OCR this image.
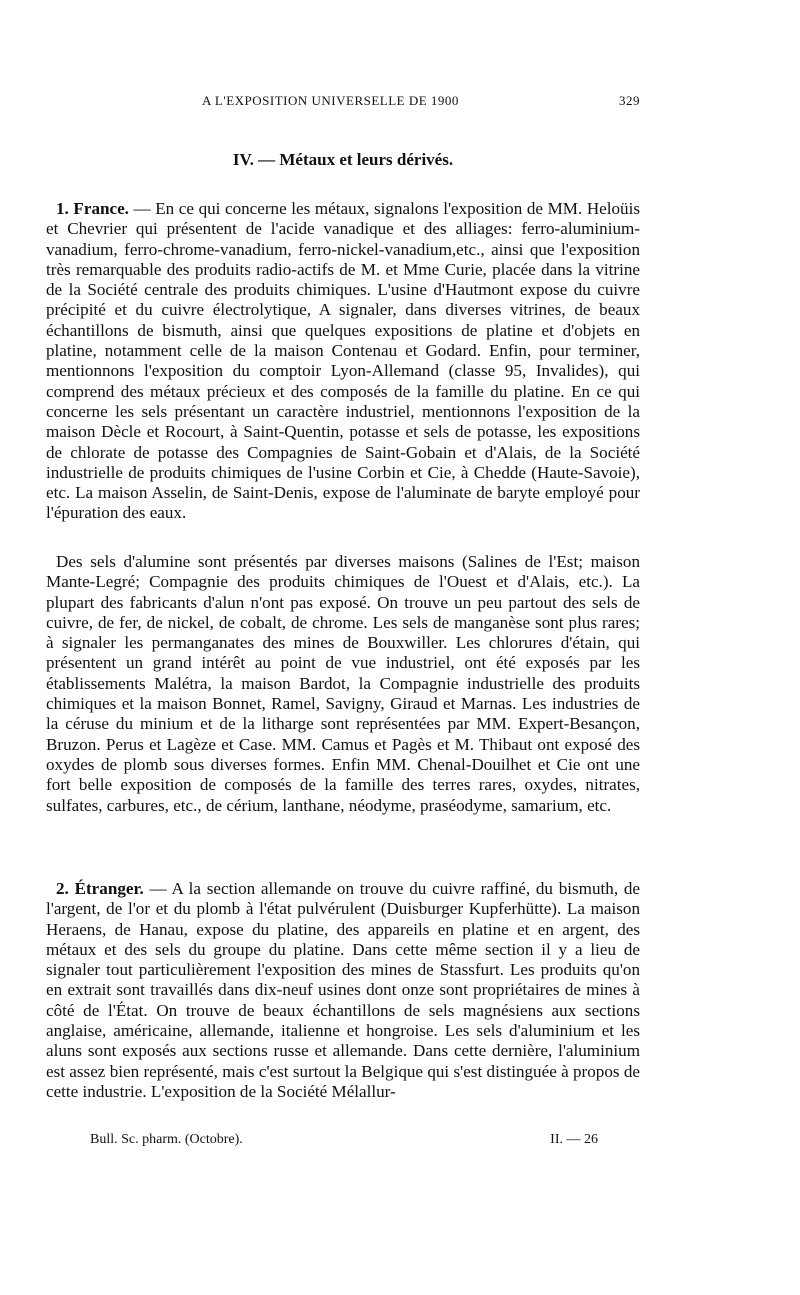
A L'EXPOSITION UNIVERSELLE DE 1900	329
IV. — Métaux et leurs dérivés.

1. France. — En ce qui concerne les métaux, signalons l'exposition de MM. Heloüis et Chevrier qui présentent de l'acide vanadique et des alliages: ferro-aluminium-vanadium, ferro-chrome-vanadium, ferro-nickel-vanadium,etc., ainsi que l'exposition très remarquable des produits radio-actifs de M. et Mme Curie, placée dans la vitrine de la Société centrale des produits chimiques. L'usine d'Hautmont expose du cuivre précipité et du cuivre électrolytique, A signaler, dans diverses vitrines, de beaux échantillons de bismuth, ainsi que quelques expositions de platine et d'objets en platine, notamment celle de la maison Contenau et Godard. Enfin, pour terminer, mentionnons l'exposition du comptoir Lyon-Allemand (classe 95, Invalides), qui comprend des métaux précieux et des composés de la famille du platine. En ce qui concerne les sels présentant un caractère industriel, mentionnons l'exposition de la maison Dècle et Rocourt, à Saint-Quentin, potasse et sels de potasse, les expositions de chlorate de potasse des Compagnies de Saint-Gobain et d'Alais, de la Société industrielle de produits chimiques de l'usine Corbin et Cie, à Chedde (Haute-Savoie), etc. La maison Asselin, de Saint-Denis, expose de l'aluminate de baryte employé pour l'épuration des eaux.

Des sels d'alumine sont présentés par diverses maisons (Salines de l'Est; maison Mante-Legré; Compagnie des produits chimiques de l'Ouest et d'Alais, etc.). La plupart des fabricants d'alun n'ont pas exposé. On trouve un peu partout des sels de cuivre, de fer, de nickel, de cobalt, de chrome. Les sels de manganèse sont plus rares; à signaler les permanganates des mines de Bouxwiller. Les chlorures d'étain, qui présentent un grand intérêt au point de vue industriel, ont été exposés par les établissements Malétra, la maison Bardot, la Compagnie industrielle des produits chimiques et la maison Bonnet, Ramel, Savigny, Giraud et Marnas. Les industries de la céruse du minium et de la litharge sont représentées par MM. Expert-Besançon, Bruzon. Perus et Lagèze et Case. MM. Camus et Pagès et M. Thibaut ont exposé des oxydes de plomb sous diverses formes. Enfin MM. Chenal-Douilhet et Cie ont une fort belle exposition de composés de la famille des terres rares, oxydes, nitrates, sulfates, carbures, etc., de cérium, lanthane, néodyme, praséodyme, samarium, etc.

2. Étranger. — A la section allemande on trouve du cuivre raffiné, du bismuth, de l'argent, de l'or et du plomb à l'état pulvérulent (Duisburger Kupferhütte). La maison Heraens, de Hanau, expose du platine, des appareils en platine et en argent, des métaux et des sels du groupe du platine. Dans cette même section il y a lieu de signaler tout particulièrement l'exposition des mines de Stassfurt. Les produits qu'on en extrait sont travaillés dans dix-neuf usines dont onze sont propriétaires de mines à côté de l'État. On trouve de beaux échantillons de sels magnésiens aux sections anglaise, américaine, allemande, italienne et hongroise. Les sels d'aluminium et les aluns sont exposés aux sections russe et allemande. Dans cette dernière, l'aluminium est assez bien représenté, mais c'est surtout la Belgique qui s'est distinguée à propos de cette industrie. L'exposition de la Société Mélallur-

Bull. Sc. pharm. (Octobre).	II. — 26
